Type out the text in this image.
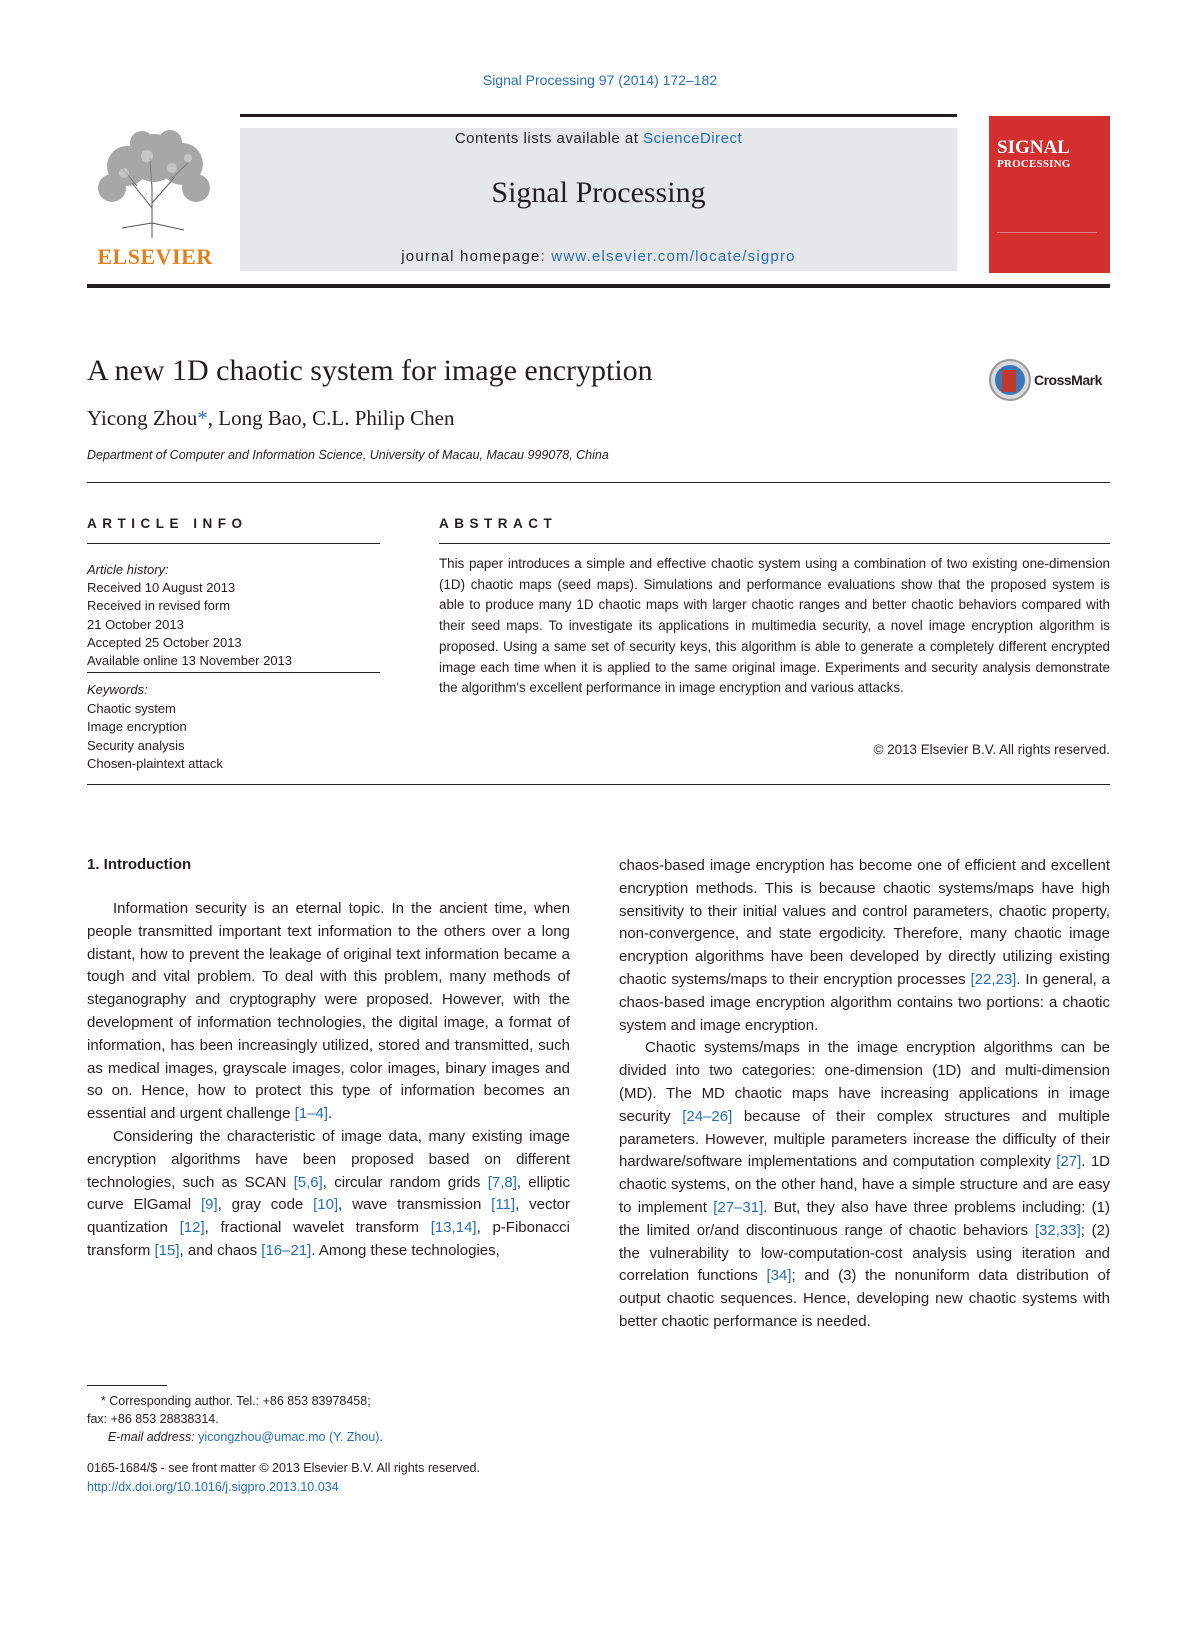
Signal Processing 97 (2014) 172–182
ELSEVIER
Contents lists available at ScienceDirect
Signal Processing
journal homepage: www.elsevier.com/locate/sigpro
SIGNAL
PROCESSING
A new 1D chaotic system for image encryption	CrossMark
Yicong Zhou*, Long Bao, C.L. Philip Chen
Department of Computer and Information Science, University of Macau, Macau 999078, China
ARTICLE INFO	ABSTRACT
Article history:
Received 10 August 2013
Received in revised form
21 October 2013
Accepted 25 October 2013
Available online 13 November 2013
Keywords:
Chaotic system
Image encryption
Security analysis
Chosen-plaintext attack
This paper introduces a simple and effective chaotic system using a combination of two existing one-dimension (1D) chaotic maps (seed maps). Simulations and performance evaluations show that the proposed system is able to produce many 1D chaotic maps with larger chaotic ranges and better chaotic behaviors compared with their seed maps. To investigate its applications in multimedia security, a novel image encryption algorithm is proposed. Using a same set of security keys, this algorithm is able to generate a completely different encrypted image each time when it is applied to the same original image. Experiments and security analysis demonstrate the algorithm's excellent performance in image encryption and various attacks.
© 2013 Elsevier B.V. All rights reserved.
1. Introduction

Information security is an eternal topic. In the ancient time, when people transmitted important text information to the others over a long distant, how to prevent the leakage of original text information became a tough and vital problem. To deal with this problem, many methods of steganography and cryptography were proposed. However, with the development of information technologies, the digital image, a format of information, has been increasingly utilized, stored and transmitted, such as medical images, grayscale images, color images, binary images and so on. Hence, how to protect this type of information becomes an essential and urgent challenge [1–4].

Considering the characteristic of image data, many existing image encryption algorithms have been proposed based on different technologies, such as SCAN [5,6], circular random grids [7,8], elliptic curve ElGamal [9], gray code [10], wave transmission [11], vector quantization [12], fractional wavelet transform [13,14], p-Fibonacci transform [15], and chaos [16–21]. Among these technologies,

chaos-based image encryption has become one of efficient and excellent encryption methods. This is because chaotic systems/maps have high sensitivity to their initial values and control parameters, chaotic property, non-convergence, and state ergodicity. Therefore, many chaotic image encryption algorithms have been developed by directly utilizing existing chaotic systems/maps to their encryption processes [22,23]. In general, a chaos-based image encryption algorithm contains two portions: a chaotic system and image encryption.

Chaotic systems/maps in the image encryption algorithms can be divided into two categories: one-dimension (1D) and multi-dimension (MD). The MD chaotic maps have increasing applications in image security [24–26] because of their complex structures and multiple parameters. However, multiple parameters increase the difficulty of their hardware/software implementations and computation complexity [27]. 1D chaotic systems, on the other hand, have a simple structure and are easy to implement [27–31]. But, they also have three problems including: (1) the limited or/and discontinuous range of chaotic behaviors [32,33]; (2) the vulnerability to low-computation-cost analysis using iteration and correlation functions [34]; and (3) the nonuniform data distribution of output chaotic sequences. Hence, developing new chaotic systems with better chaotic performance is needed.

* Corresponding author. Tel.: +86 853 83978458;
fax: +86 853 28838314.
E-mail address: yicongzhou@umac.mo (Y. Zhou).
0165-1684/$ - see front matter © 2013 Elsevier B.V. All rights reserved.
http://dx.doi.org/10.1016/j.sigpro.2013.10.034
